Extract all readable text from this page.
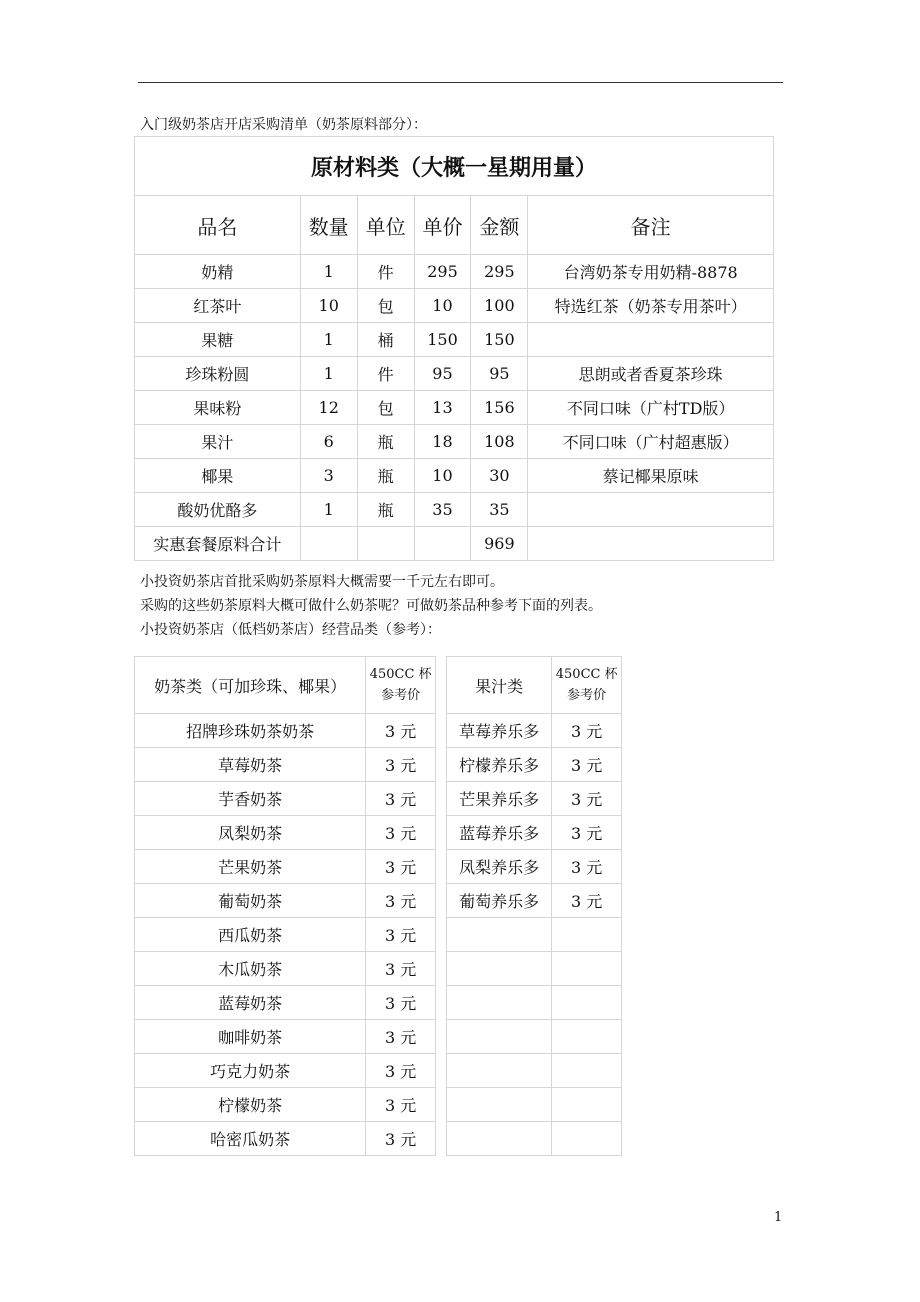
入门级奶茶店开店采购清单（奶茶原料部分）：
原材料类（大概一星期用量）					
品名	数量	单位	单价	金额	备注
奶精	1	件	295	295	台湾奶茶专用奶精-8878
红茶叶	10	包	10	100	特选红茶（奶茶专用茶叶）
果糖	1	桶	150	150	
珍珠粉圆	1	件	95	95	思朗或者香夏茶珍珠
果味粉	12	包	13	156	不同口味（广村TD版）
果汁	6	瓶	18	108	不同口味（广村超惠版）
椰果	3	瓶	10	30	蔡记椰果原味
酸奶优酪多	1	瓶	35	35	
实惠套餐原料合计				969	
小投资奶茶店首批采购奶茶原料大概需要一千元左右即可。
采购的这些奶茶原料大概可做什么奶茶呢？可做奶茶品种参考下面的列表。
小投资奶茶店（低档奶茶店）经营品类（参考）：
奶茶类（可加珍珠、椰果）	450CC 杯参考价		果汁类	450CC 杯参考价
招牌珍珠奶茶奶茶	3 元		草莓养乐多	3 元
草莓奶茶	3 元		柠檬养乐多	3 元
芋香奶茶	3 元		芒果养乐多	3 元
凤梨奶茶	3 元		蓝莓养乐多	3 元
芒果奶茶	3 元		凤梨养乐多	3 元
葡萄奶茶	3 元		葡萄养乐多	3 元
西瓜奶茶	3 元			
木瓜奶茶	3 元			
蓝莓奶茶	3 元			
咖啡奶茶	3 元			
巧克力奶茶	3 元			
柠檬奶茶	3 元			
哈密瓜奶茶	3 元			
1
